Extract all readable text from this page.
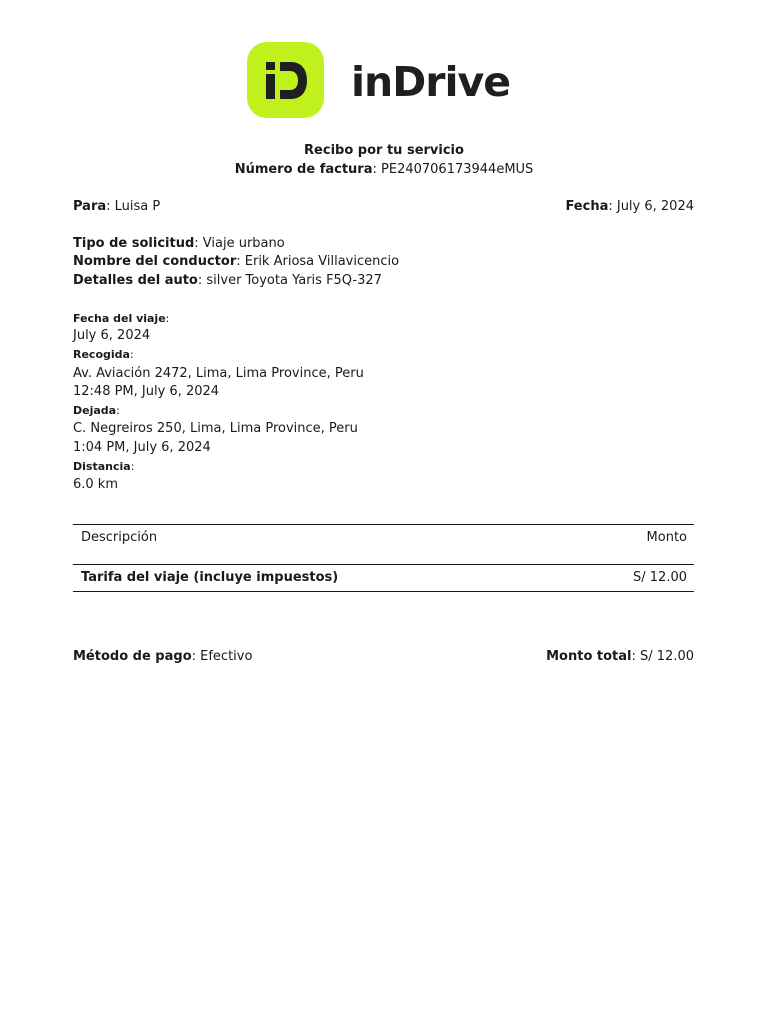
inDrive
Recibo por tu servicio
Número de factura: PE240706173944eMUS
Para: Luisa P	Fecha: July 6, 2024
Tipo de solicitud: Viaje urbano
Nombre del conductor: Erik Ariosa Villavicencio
Detalles del auto: silver Toyota Yaris F5Q-327
Fecha del viaje:
July 6, 2024
Recogida:
Av. Aviación 2472, Lima, Lima Province, Peru
12:48 PM, July 6, 2024
Dejada:
C. Negreiros 250, Lima, Lima Province, Peru
1:04 PM, July 6, 2024
Distancia:
6.0 km
Descripción	Monto
Tarifa del viaje (incluye impuestos)	S/ 12.00
Método de pago: Efectivo	Monto total: S/ 12.00
